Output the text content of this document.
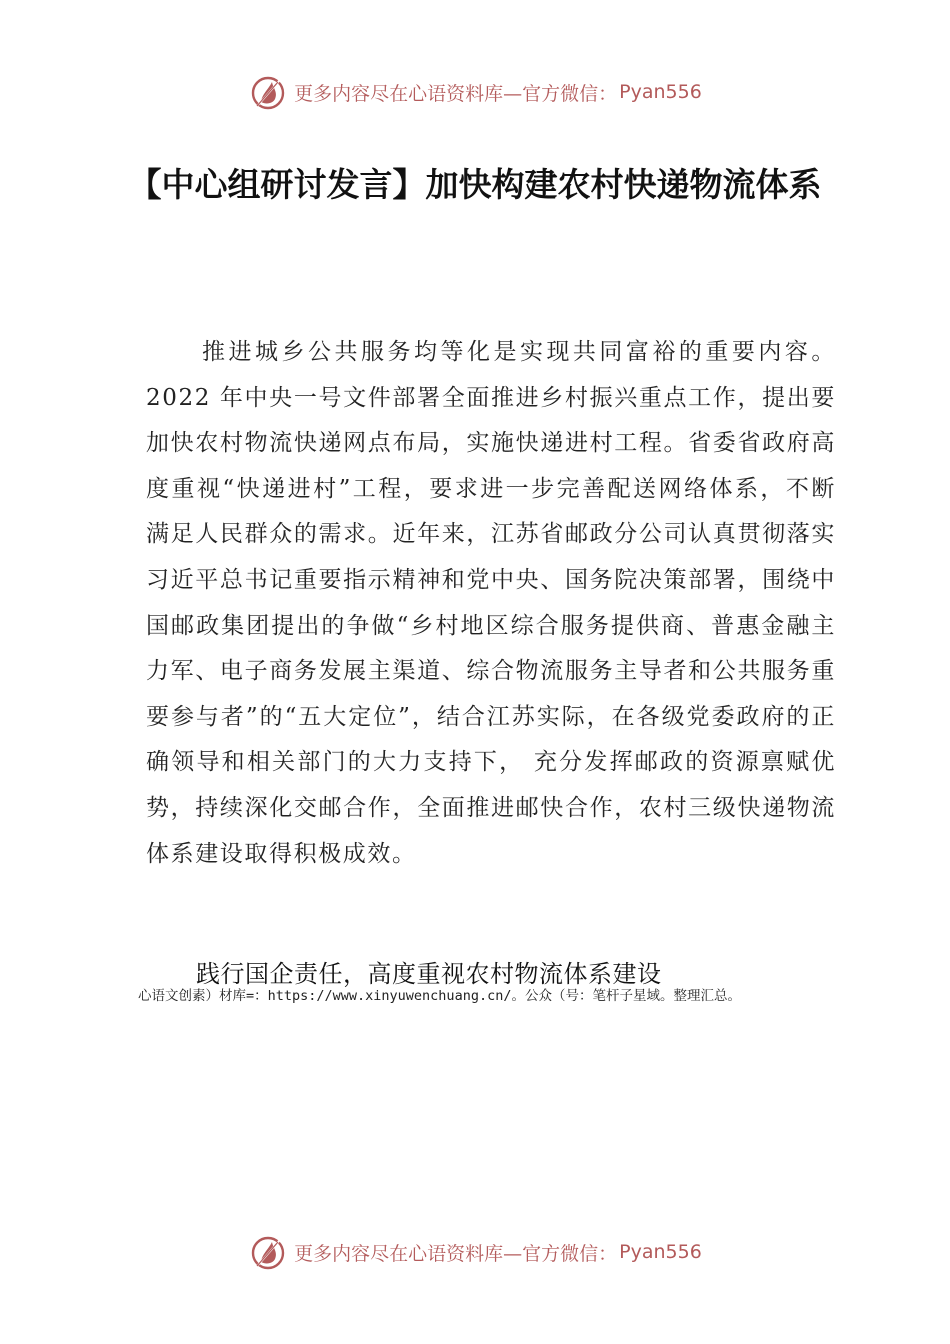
更多内容尽在心语资料库—官方微信： Pyan556
【中心组研讨发言】加快构建农村快递物流体系

推进城乡公共服务均等化是实现共同富裕的重要内容。2022 年中央一号文件部署全面推进乡村振兴重点工作，提出要加快农村物流快递网点布局，实施快递进村工程。省委省政府高度重视“快递进村”工程，要求进一步完善配送网络体系，不断满足人民群众的需求。近年来，江苏省邮政分公司认真贯彻落实习近平总书记重要指示精神和党中央、国务院决策部署，围绕中国邮政集团提出的争做“乡村地区综合服务提供商、普惠金融主力军、电子商务发展主渠道、综合物流服务主导者和公共服务重要参与者”的“五大定位”，结合江苏实际，在各级党委政府的正确领导和相关部门的大力支持下， 充分发挥邮政的资源禀赋优势，持续深化交邮合作，全面推进邮快合作，农村三级快递物流体系建设取得积极成效。

践行国企责任，高度重视农村物流体系建设

心语文创素）材库=：https://www.xinyuwenchuang.cn/。公众（号：笔杆子星域。整理汇总。

更多内容尽在心语资料库—官方微信： Pyan556
